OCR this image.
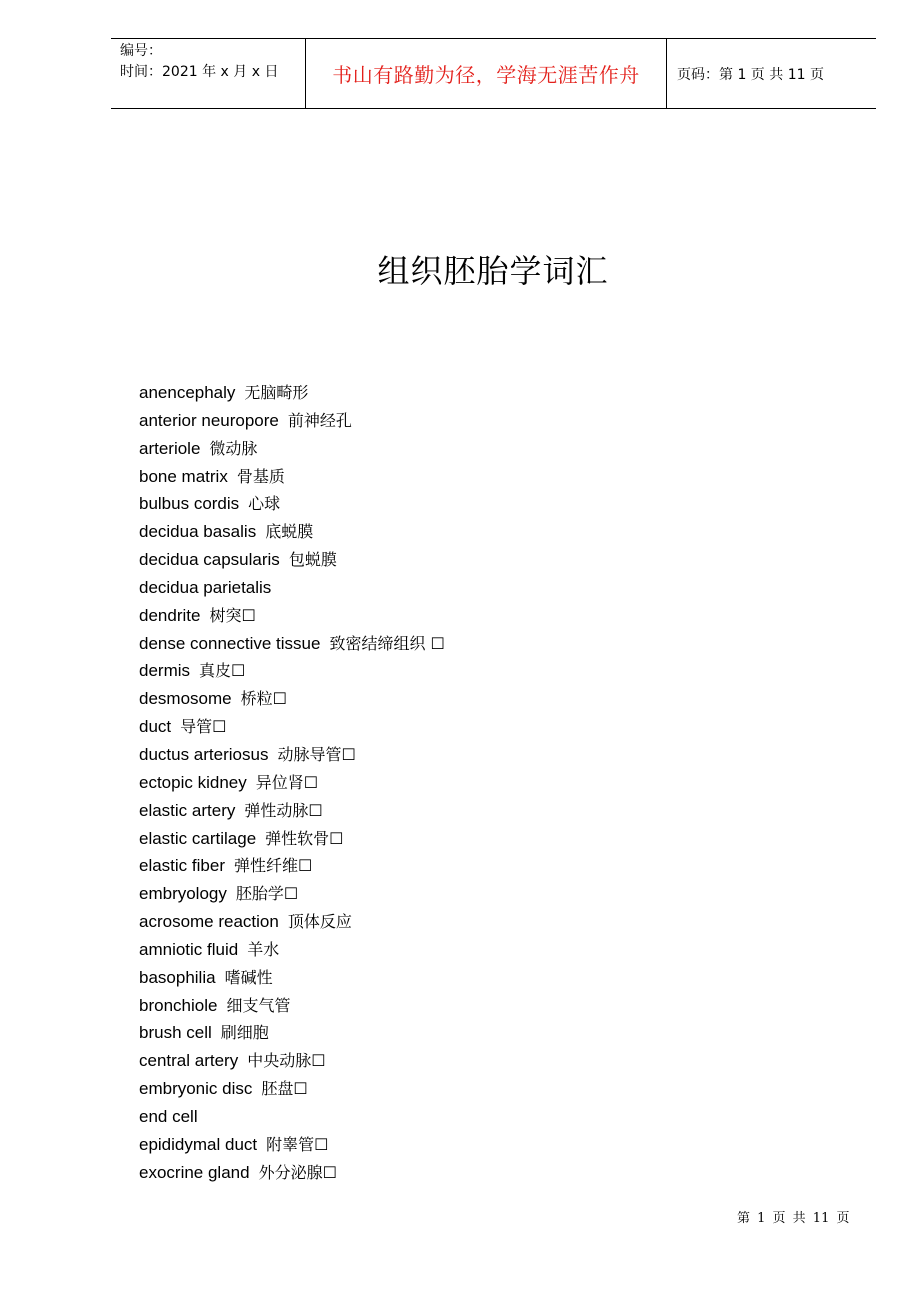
编号：
时间：2021 年 x 月 x 日	书山有路勤为径，学海无涯苦作舟	页码：第 1 页 共 11 页
组织胚胎学词汇
anencephaly 无脑畸形
anterior neuropore 前神经孔
arteriole 微动脉
bone matrix 骨基质
bulbus cordis 心球
decidua basalis 底蜕膜
decidua capsularis 包蜕膜
decidua parietalis
dendrite 树突☐
dense connective tissue 致密结缔组织 ☐
dermis 真皮☐
desmosome 桥粒☐
duct 导管☐
ductus arteriosus 动脉导管☐
ectopic kidney 异位肾☐
elastic artery 弹性动脉☐
elastic cartilage 弹性软骨☐
elastic fiber 弹性纤维☐
embryology 胚胎学☐
acrosome reaction 顶体反应
amniotic fluid 羊水
basophilia 嗜碱性
bronchiole 细支气管
brush cell 刷细胞
central artery 中央动脉☐
embryonic disc 胚盘☐
end cell
epididymal duct 附睾管☐
exocrine gland 外分泌腺☐
第 1 页 共 11 页
